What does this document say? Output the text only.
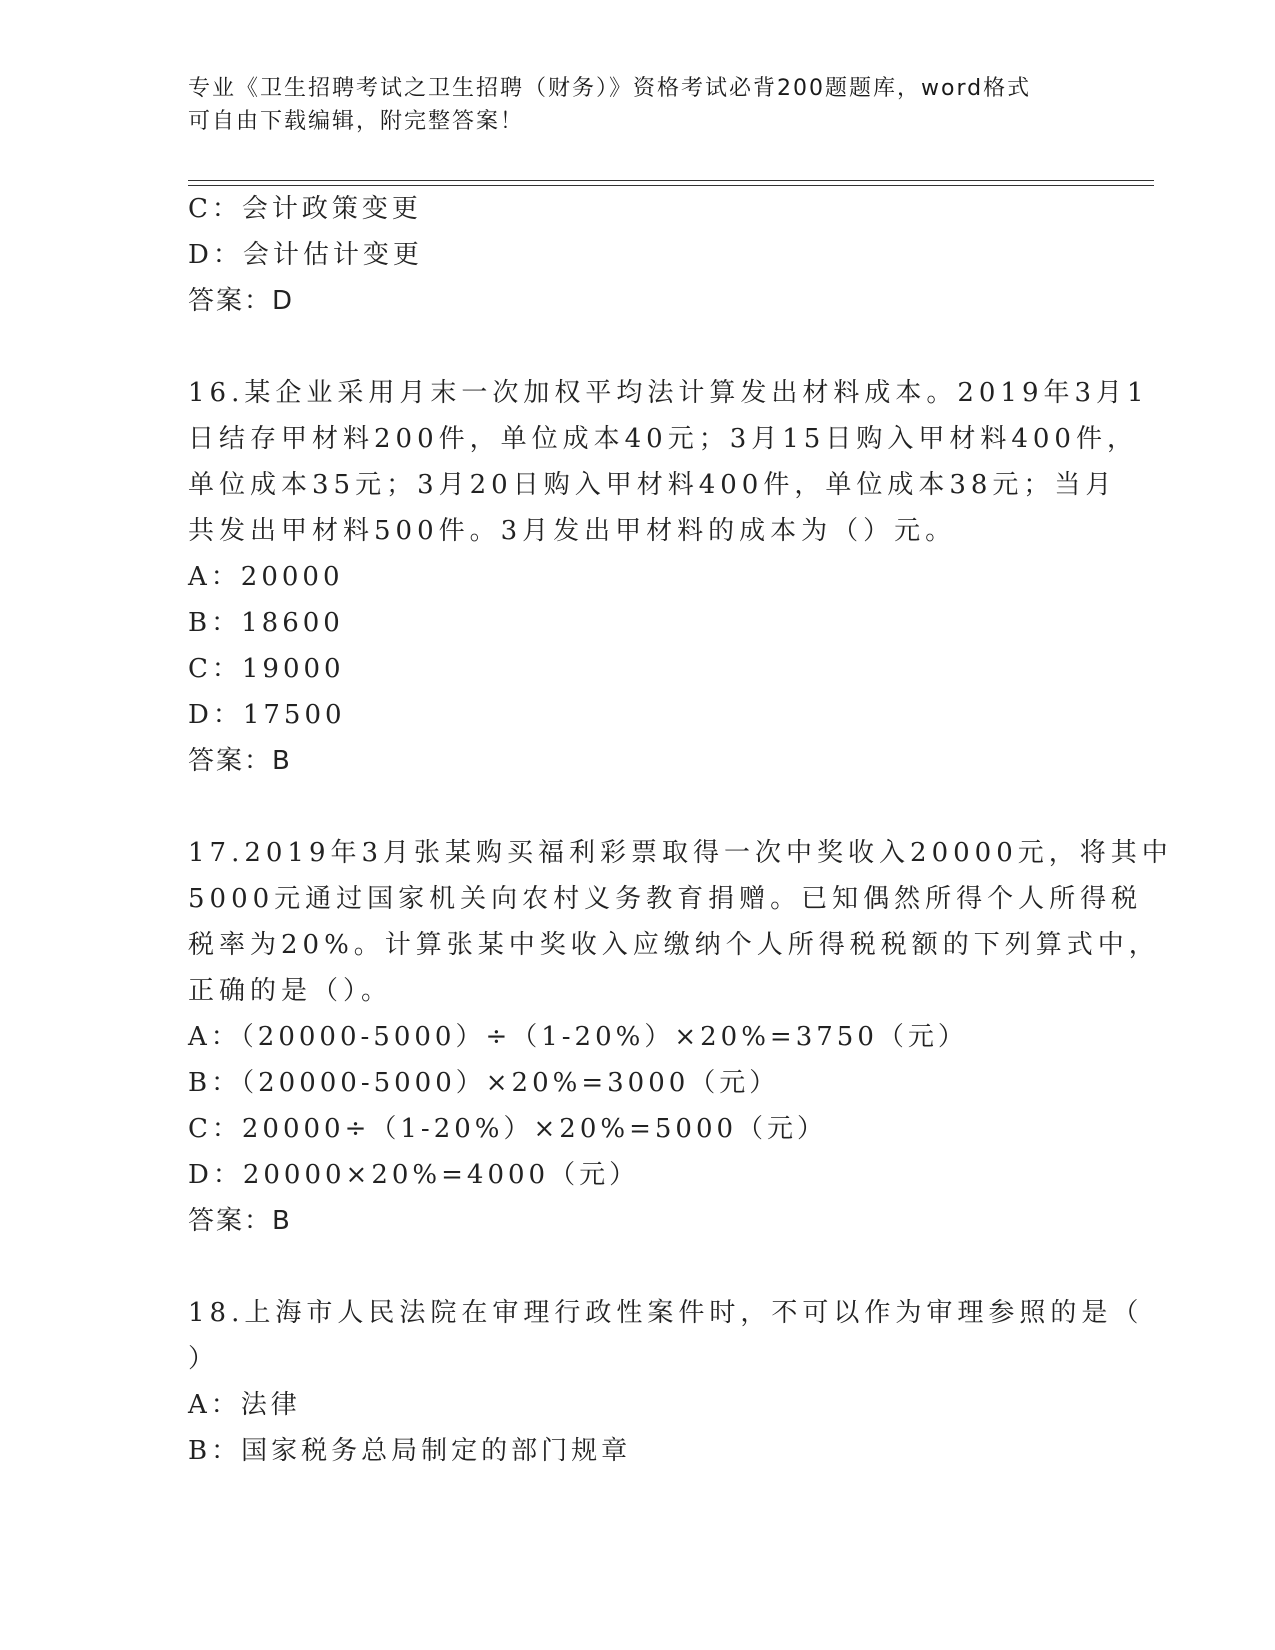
专业《卫生招聘考试之卫生招聘（财务）》资格考试必背200题题库，word格式
可自由下载编辑，附完整答案！
C：会计政策变更
D：会计估计变更
答案：D
16.某企业采用月末一次加权平均法计算发出材料成本。2019年3月1
日结存甲材料200件，单位成本40元；3月15日购入甲材料400件，
单位成本35元；3月20日购入甲材料400件，单位成本38元；当月
共发出甲材料500件。3月发出甲材料的成本为（）元。
A：20000
B：18600
C：19000
D：17500
答案：B
17.2019年3月张某购买福利彩票取得一次中奖收入20000元，将其中
5000元通过国家机关向农村义务教育捐赠。已知偶然所得个人所得税
税率为20%。计算张某中奖收入应缴纳个人所得税税额的下列算式中，
正确的是（）。
A：（20000-5000）÷（1-20%）×20%=3750（元）
B：（20000-5000）×20%=3000（元）
C：20000÷（1-20%）×20%=5000（元）
D：20000×20%=4000（元）
答案：B
18.上海市人民法院在审理行政性案件时，不可以作为审理参照的是（
）
A：法律
B：国家税务总局制定的部门规章
